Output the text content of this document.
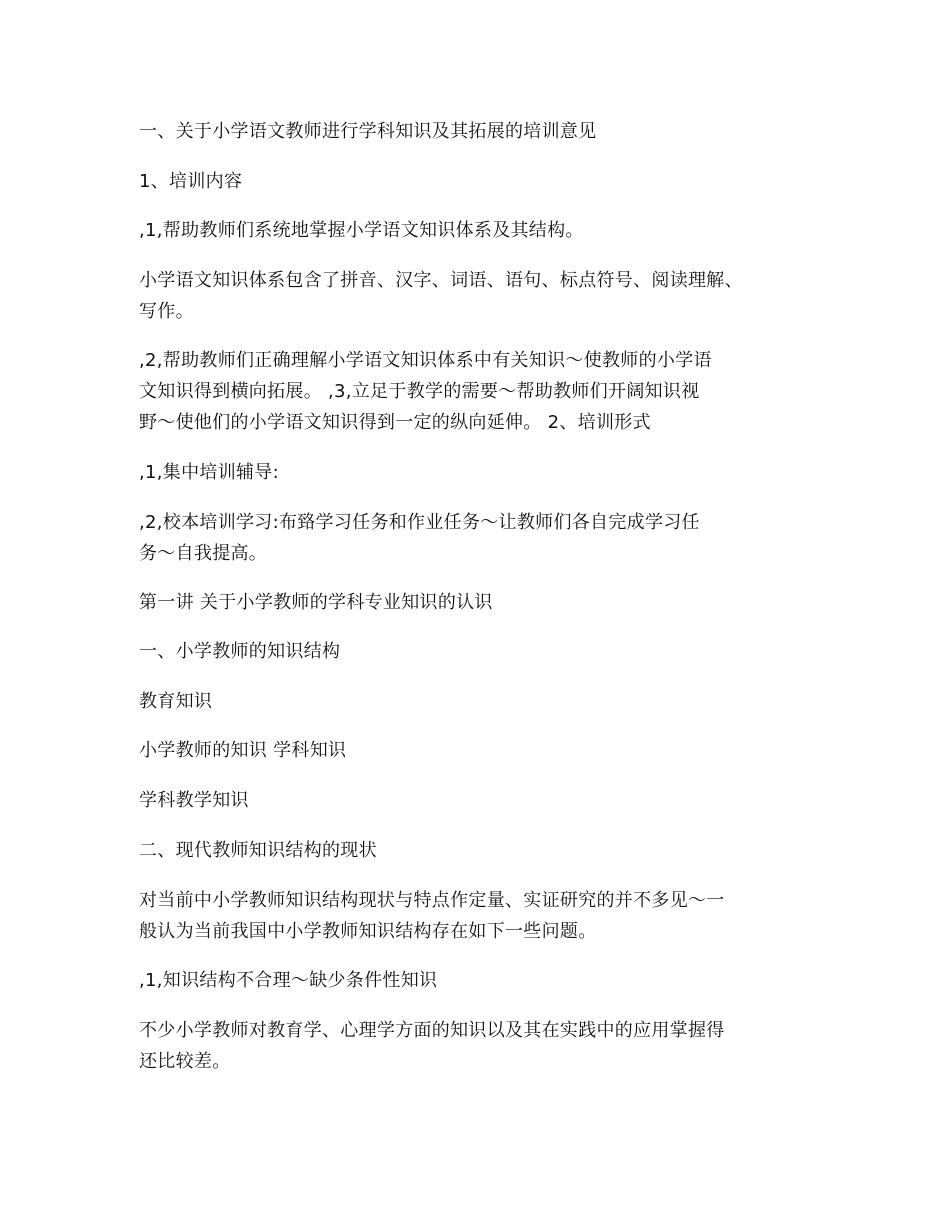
一、关于小学语文教师进行学科知识及其拓展的培训意见
1、培训内容
,1,帮助教师们系统地掌握小学语文知识体系及其结构。
小学语文知识体系包含了拼音、汉字、词语、语句、标点符号、阅读理解、
写作。
,2,帮助教师们正确理解小学语文知识体系中有关知识～使教师的小学语
文知识得到横向拓展。 ,3,立足于教学的需要～帮助教师们开阔知识视
野～使他们的小学语文知识得到一定的纵向延伸。 2、培训形式
,1,集中培训辅导:
,2,校本培训学习:布臵学习任务和作业任务～让教师们各自完成学习任
务～自我提高。
第一讲 关于小学教师的学科专业知识的认识
一、小学教师的知识结构
教育知识
小学教师的知识 学科知识
学科教学知识
二、现代教师知识结构的现状
对当前中小学教师知识结构现状与特点作定量、实证研究的并不多见～一
般认为当前我国中小学教师知识结构存在如下一些问题。
,1,知识结构不合理～缺少条件性知识
不少小学教师对教育学、心理学方面的知识以及其在实践中的应用掌握得
还比较差。
